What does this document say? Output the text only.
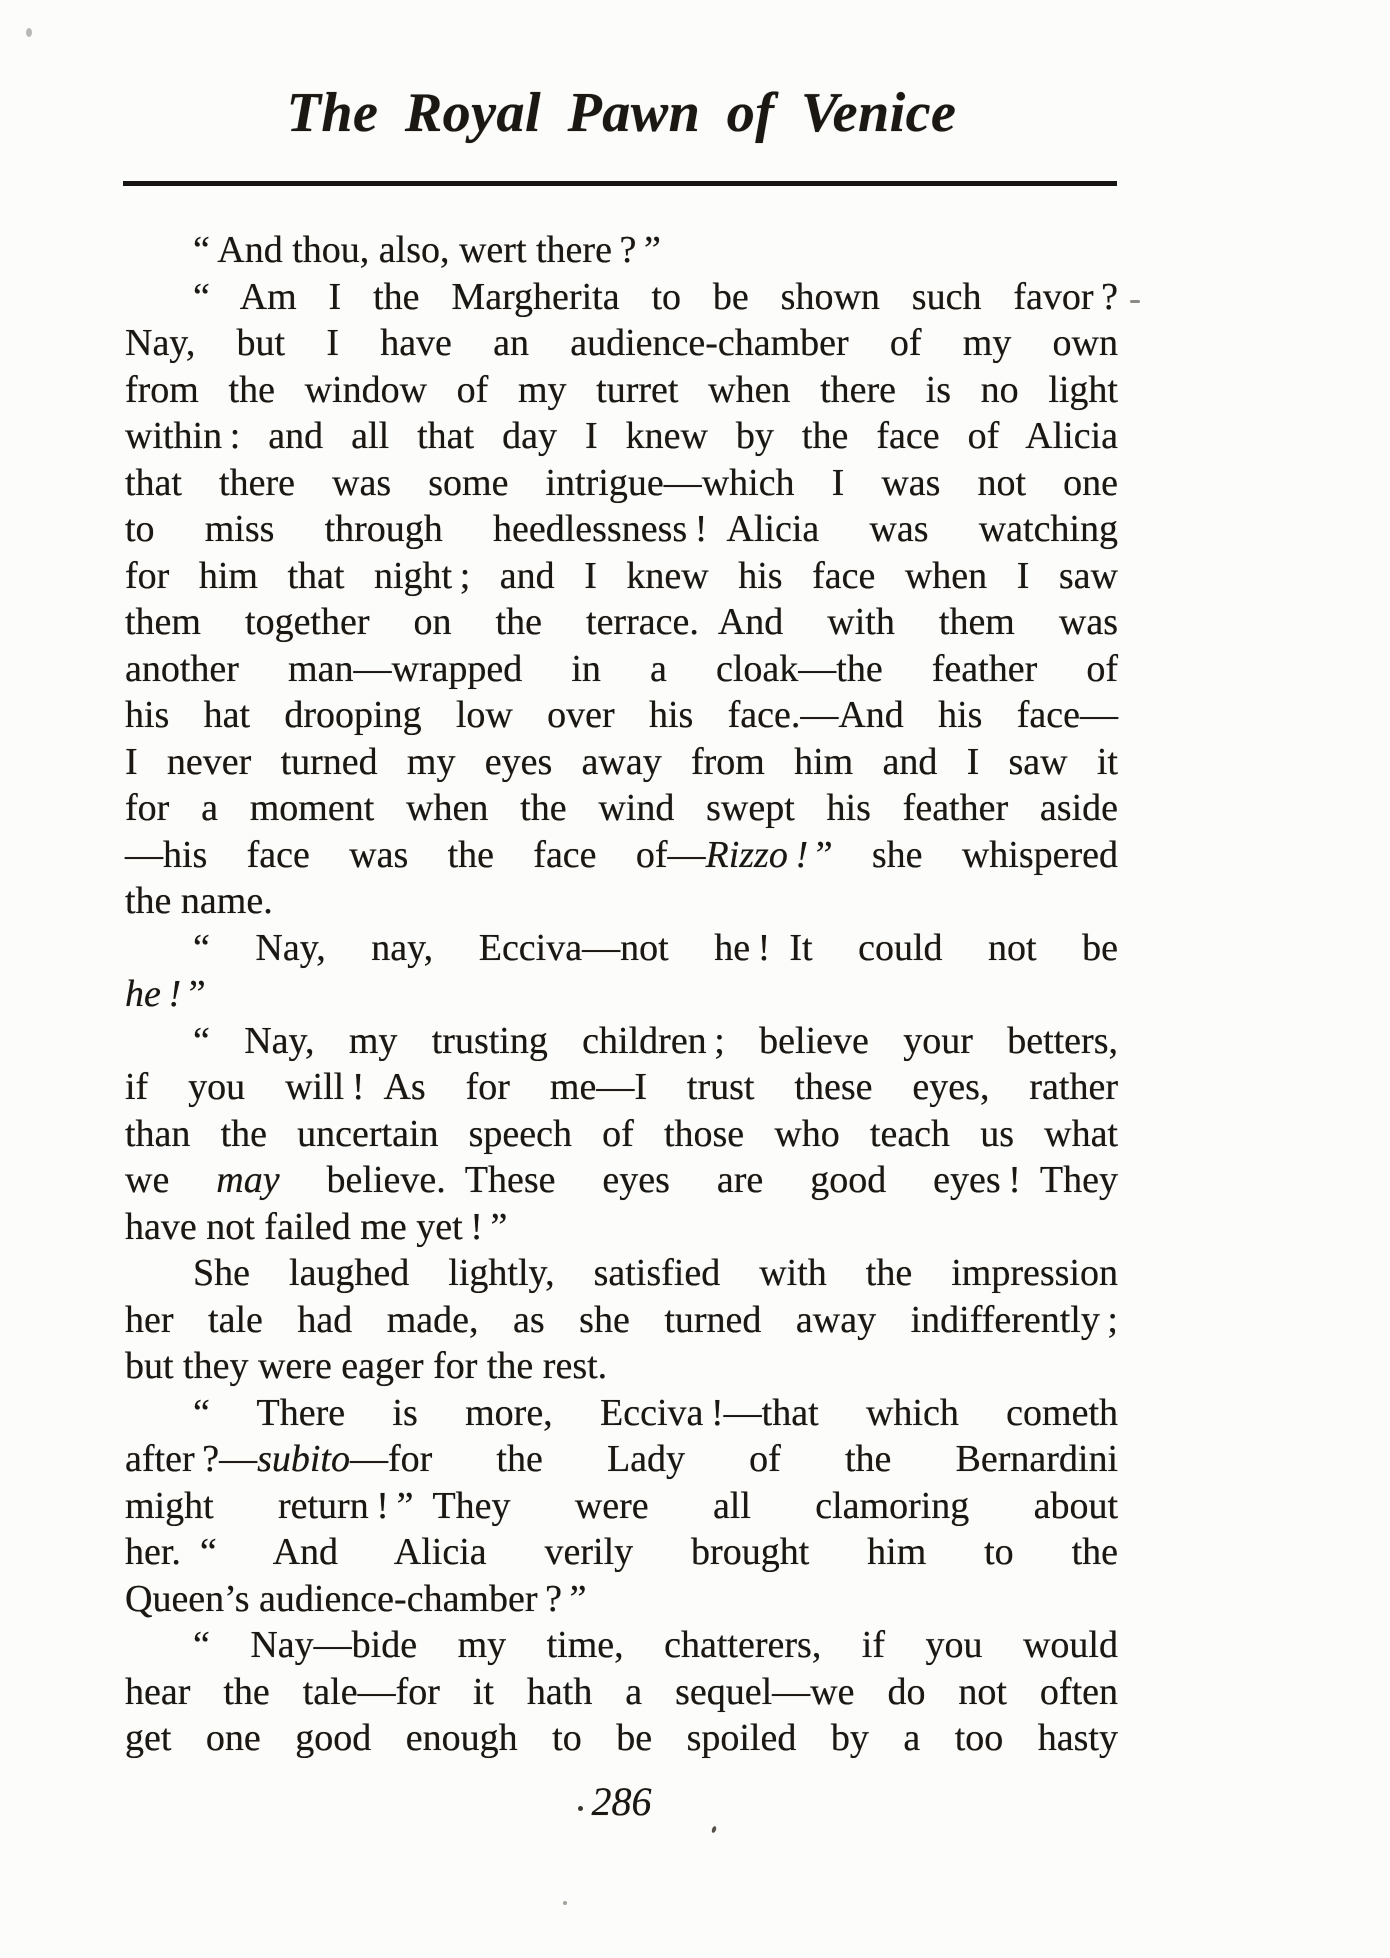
The Royal Pawn of Venice
“ And thou, also, wert there ? ”
“ Am I the Margherita to be shown such favor ?
Nay, but I have an audience-chamber of my own
from the window of my turret when there is no light
within : and all that day I knew by the face of Alicia
that there was some intrigue—which I was not one
to miss through heedlessness ! Alicia was watching
for him that night ; and I knew his face when I saw
them together on the terrace. And with them was
another man—wrapped in a cloak—the feather of
his hat drooping low over his face.—And his face—
I never turned my eyes away from him and I saw it
for a moment when the wind swept his feather aside
—his face was the face of—Rizzo ! ” she whispered
the name.
“ Nay, nay, Ecciva—not he ! It could not be
he ! ”
“ Nay, my trusting children ; believe your betters,
if you will ! As for me—I trust these eyes, rather
than the uncertain speech of those who teach us what
we may believe. These eyes are good eyes ! They
have not failed me yet ! ”
She laughed lightly, satisfied with the impression
her tale had made, as she turned away indifferently ;
but they were eager for the rest.
“ There is more, Ecciva !—that which cometh
after ?—subito—for the Lady of the Bernardini
might return ! ” They were all clamoring about
her. “ And Alicia verily brought him to the
Queen’s audience-chamber ? ”
“ Nay—bide my time, chatterers, if you would
hear the tale—for it hath a sequel—we do not often
get one good enough to be spoiled by a too hasty
286
